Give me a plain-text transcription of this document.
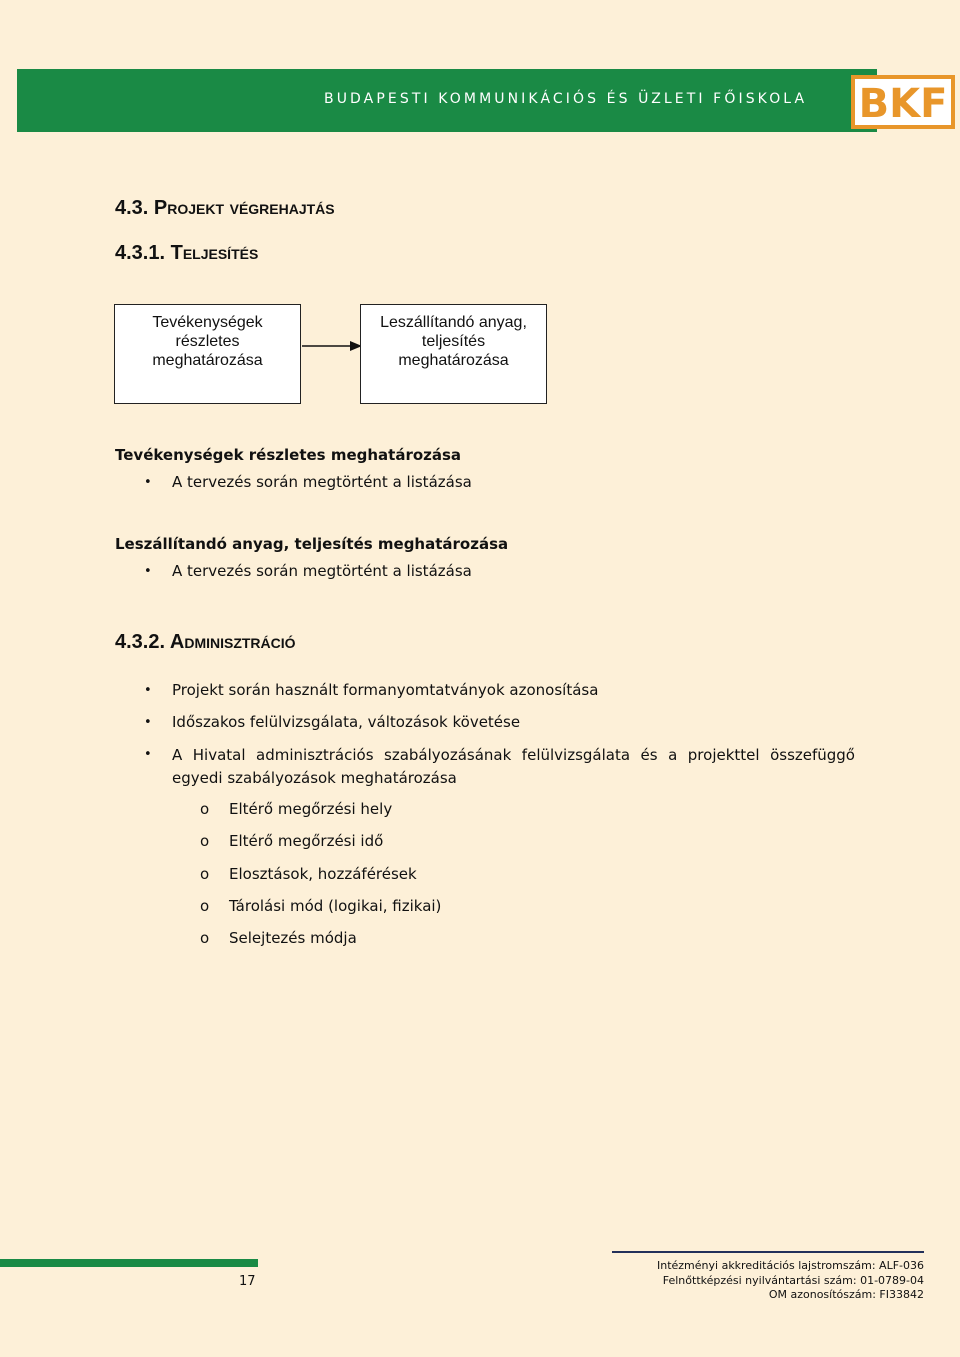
BUDAPESTI KOMMUNIKÁCIÓS ÉS ÜZLETI FŐISKOLA BKF
4.3. Projekt végrehajtás
4.3.1. Teljesítés
Tevékenységek
részletes
meghatározása
Leszállítandó anyag,
teljesítés
meghatározása
Tevékenységek részletes meghatározása
• A tervezés során megtörtént a listázása
Leszállítandó anyag, teljesítés meghatározása
• A tervezés során megtörtént a listázása
4.3.2. Adminisztráció
• Projekt során használt formanyomtatványok azonosítása
• Időszakos felülvizsgálata, változások követése
• A Hivatal adminisztrációs szabályozásának felülvizsgálata és a projekttel összefüggő egyedi szabályozások meghatározása
o Eltérő megőrzési hely
o Eltérő megőrzési idő
o Elosztások, hozzáférések
o Tárolási mód (logikai, fizikai)
o Selejtezés módja
17
Intézményi akkreditációs lajstromszám: ALF-036
Felnőttképzési nyilvántartási szám: 01-0789-04
OM azonosítószám: FI33842
